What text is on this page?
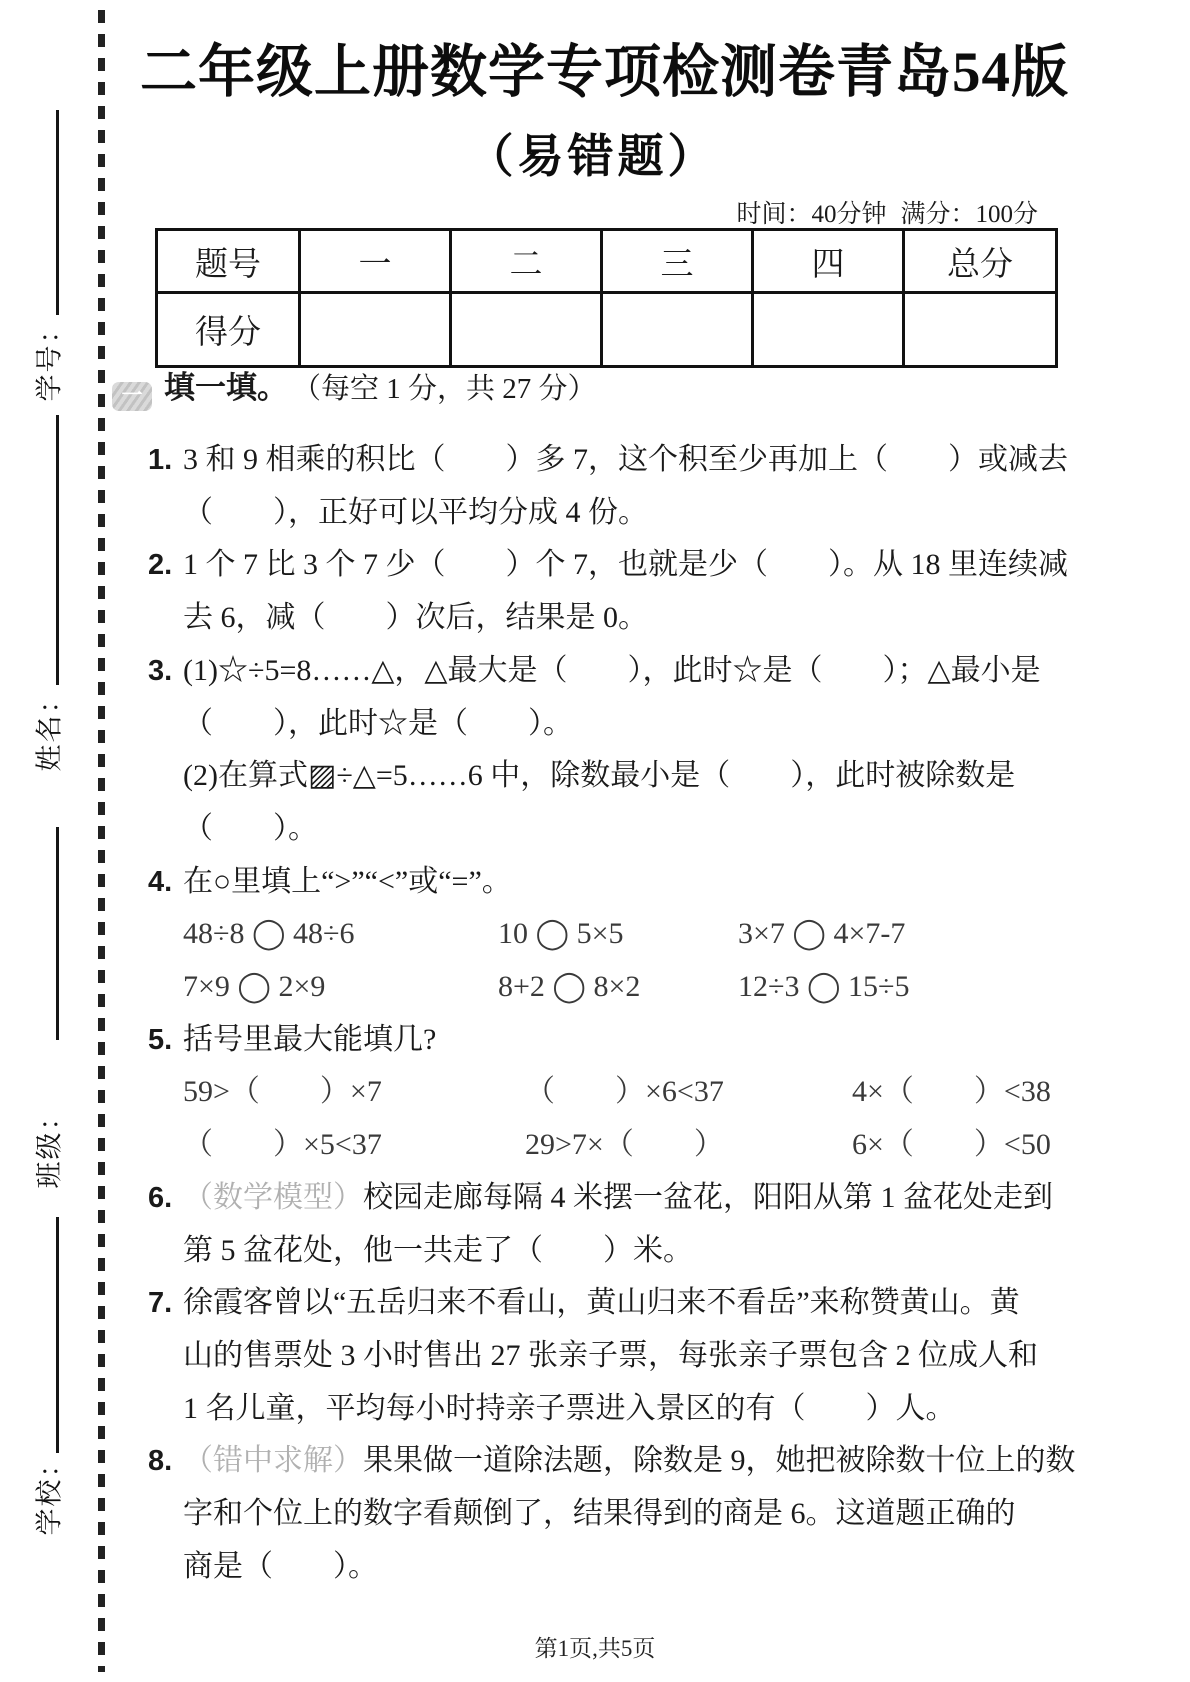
学号：
姓名：
班级：
学校：
二年级上册数学专项检测卷青岛54版
（易错题）
时间：40分钟 满分：100分
题号	一	二	三	四	总分
得分					
一 填一填。 （每空 1 分，共 27 分）
1. 3 和 9 相乘的积比（　　）多 7，这个积至少再加上（　　）或减去
（　　），正好可以平均分成 4 份。
2. 1 个 7 比 3 个 7 少（　　）个 7，也就是少（　　）。从 18 里连续减
去 6，减（　　）次后，结果是 0。
3. (1)☆÷5=8……△，△最大是（　　），此时☆是（　　）；△最小是
（　　），此时☆是（　　）。
(2)在算式▨÷△=5……6 中，除数最小是（　　），此时被除数是
（　　）。
4. 在○里填上“>”“<”或“=”。
48÷8 ◯ 48÷6	10 ◯ 5×5	3×7 ◯ 4×7-7
7×9 ◯ 2×9	8+2 ◯ 8×2	12÷3 ◯ 15÷5
5. 括号里最大能填几?
59>（　　）×7	（　　）×6<37	4×（　　）<38
（　　）×5<37	29>7×（　　）	6×（　　）<50
6. （数学模型）校园走廊每隔 4 米摆一盆花，阳阳从第 1 盆花处走到
第 5 盆花处，他一共走了（　　）米。
7. 徐霞客曾以“五岳归来不看山，黄山归来不看岳”来称赞黄山。黄
山的售票处 3 小时售出 27 张亲子票，每张亲子票包含 2 位成人和
1 名儿童，平均每小时持亲子票进入景区的有（　　）人。
8. （错中求解）果果做一道除法题，除数是 9，她把被除数十位上的数
字和个位上的数字看颠倒了，结果得到的商是 6。这道题正确的
商是（　　）。
第1页,共5页
